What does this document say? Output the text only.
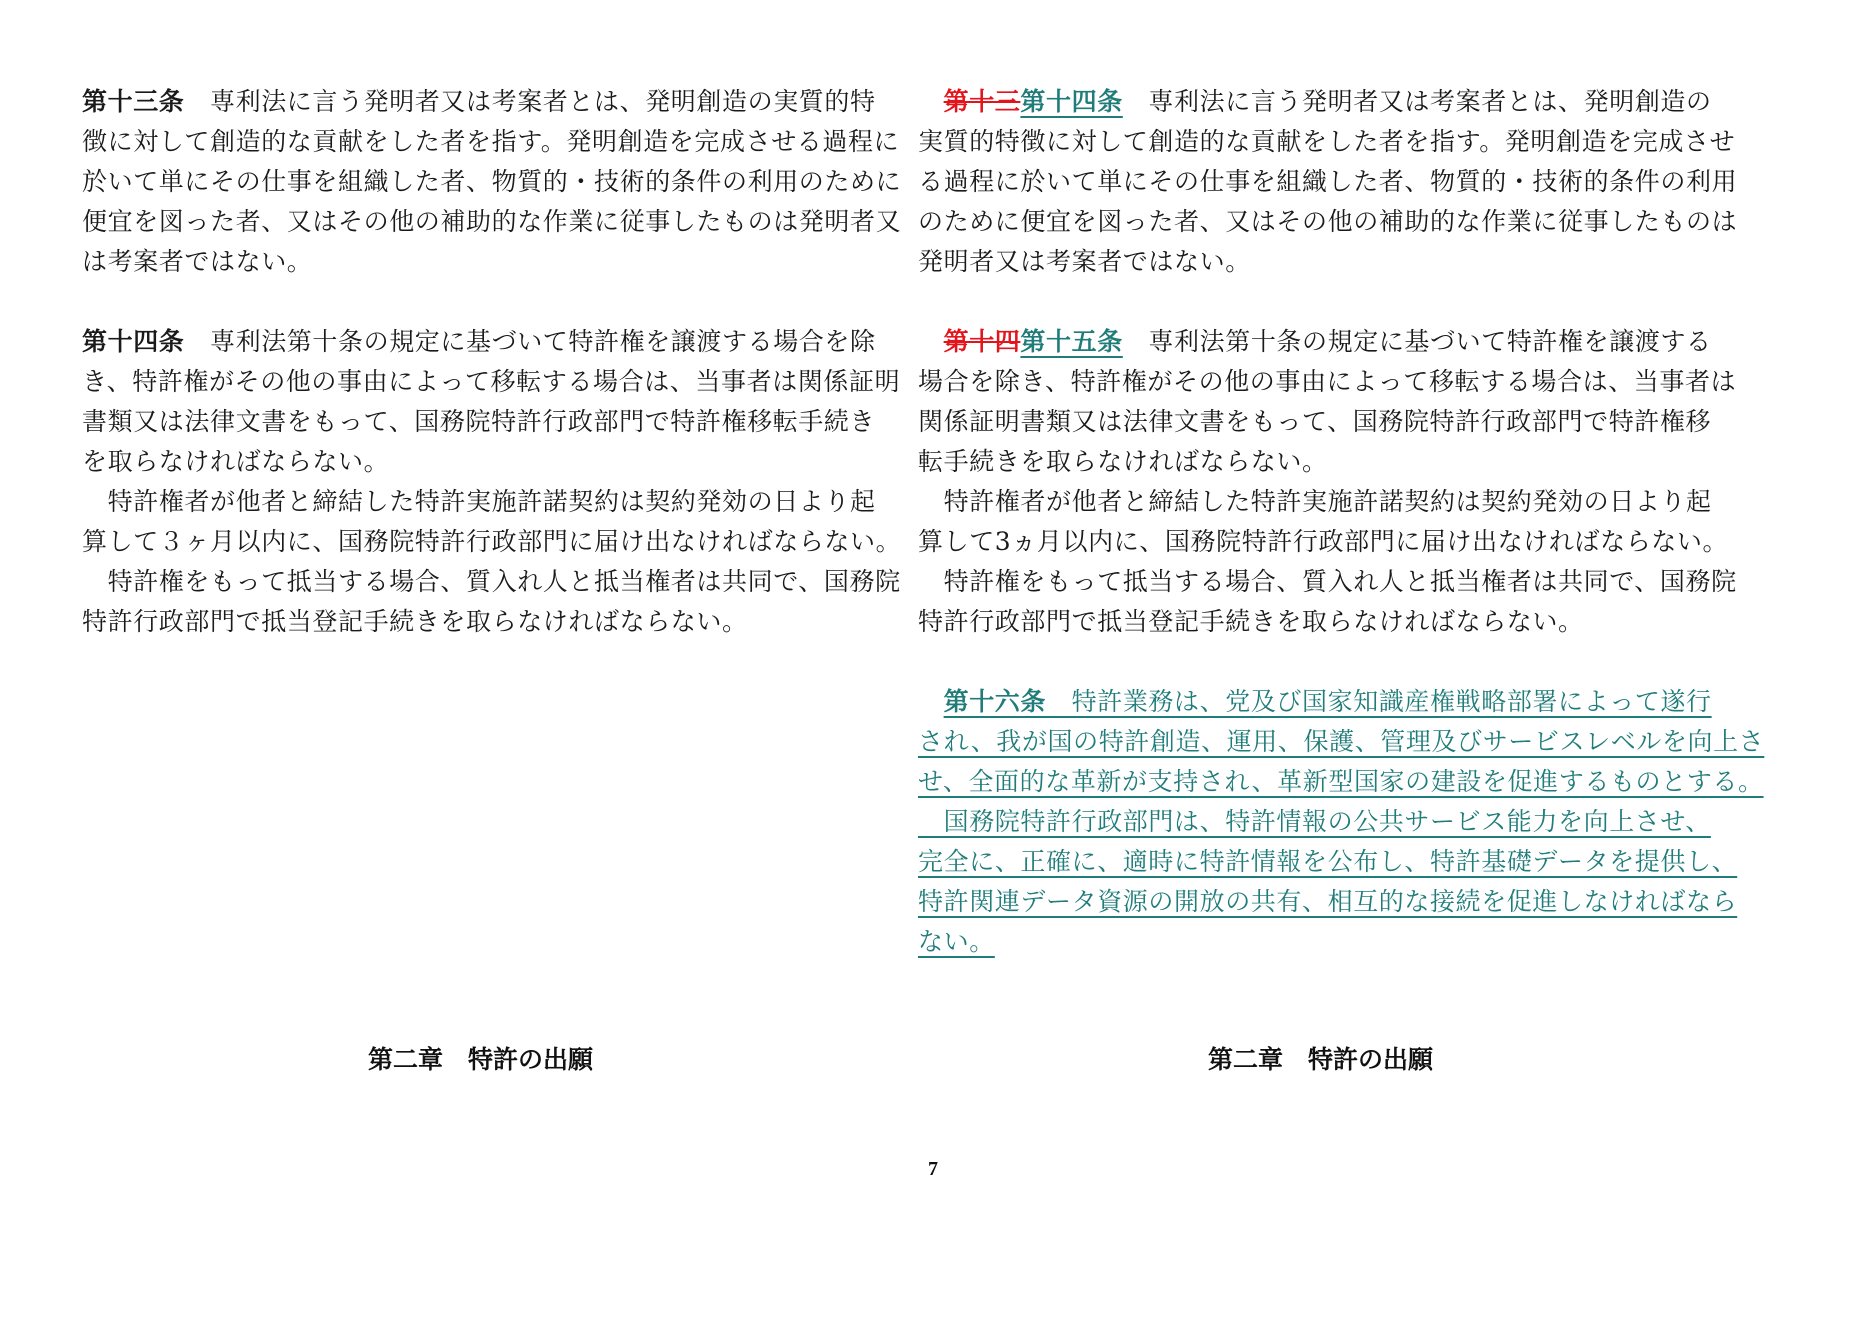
第十三条　専利法に言う発明者又は考案者とは、発明創造の実質的特
徴に対して創造的な貢献をした者を指す。発明創造を完成させる過程に
於いて単にその仕事を組織した者、物質的・技術的条件の利用のために
便宜を図った者、又はその他の補助的な作業に従事したものは発明者又
は考案者ではない。
第十四条　専利法第十条の規定に基づいて特許権を譲渡する場合を除
き、特許権がその他の事由によって移転する場合は、当事者は関係証明
書類又は法律文書をもって、国務院特許行政部門で特許権移転手続き
を取らなければならない。
　特許権者が他者と締結した特許実施許諾契約は契約発効の日より起
算して３ヶ月以内に、国務院特許行政部門に届け出なければならない。
　特許権をもって抵当する場合、質入れ人と抵当権者は共同で、国務院
特許行政部門で抵当登記手続きを取らなければならない。
　第十三第十四条　専利法に言う発明者又は考案者とは、発明創造の
実質的特徴に対して創造的な貢献をした者を指す。発明創造を完成させ
る過程に於いて単にその仕事を組織した者、物質的・技術的条件の利用
のために便宜を図った者、又はその他の補助的な作業に従事したものは
発明者又は考案者ではない。
　第十四第十五条　専利法第十条の規定に基づいて特許権を譲渡する
場合を除き、特許権がその他の事由によって移転する場合は、当事者は
関係証明書類又は法律文書をもって、国務院特許行政部門で特許権移
転手続きを取らなければならない。
　特許権者が他者と締結した特許実施許諾契約は契約発効の日より起
算して3ヵ月以内に、国務院特許行政部門に届け出なければならない。
　特許権をもって抵当する場合、質入れ人と抵当権者は共同で、国務院
特許行政部門で抵当登記手続きを取らなければならない。
　第十六条　特許業務は、党及び国家知識産権戦略部署によって遂行
され、我が国の特許創造、運用、保護、管理及びサービスレベルを向上さ
せ、全面的な革新が支持され、革新型国家の建設を促進するものとする。
　国務院特許行政部門は、特許情報の公共サービス能力を向上させ、
完全に、正確に、適時に特許情報を公布し、特許基礎データを提供し、
特許関連データ資源の開放の共有、相互的な接続を促進しなければなら
ない。
第二章　特許の出願	第二章　特許の出願
7
